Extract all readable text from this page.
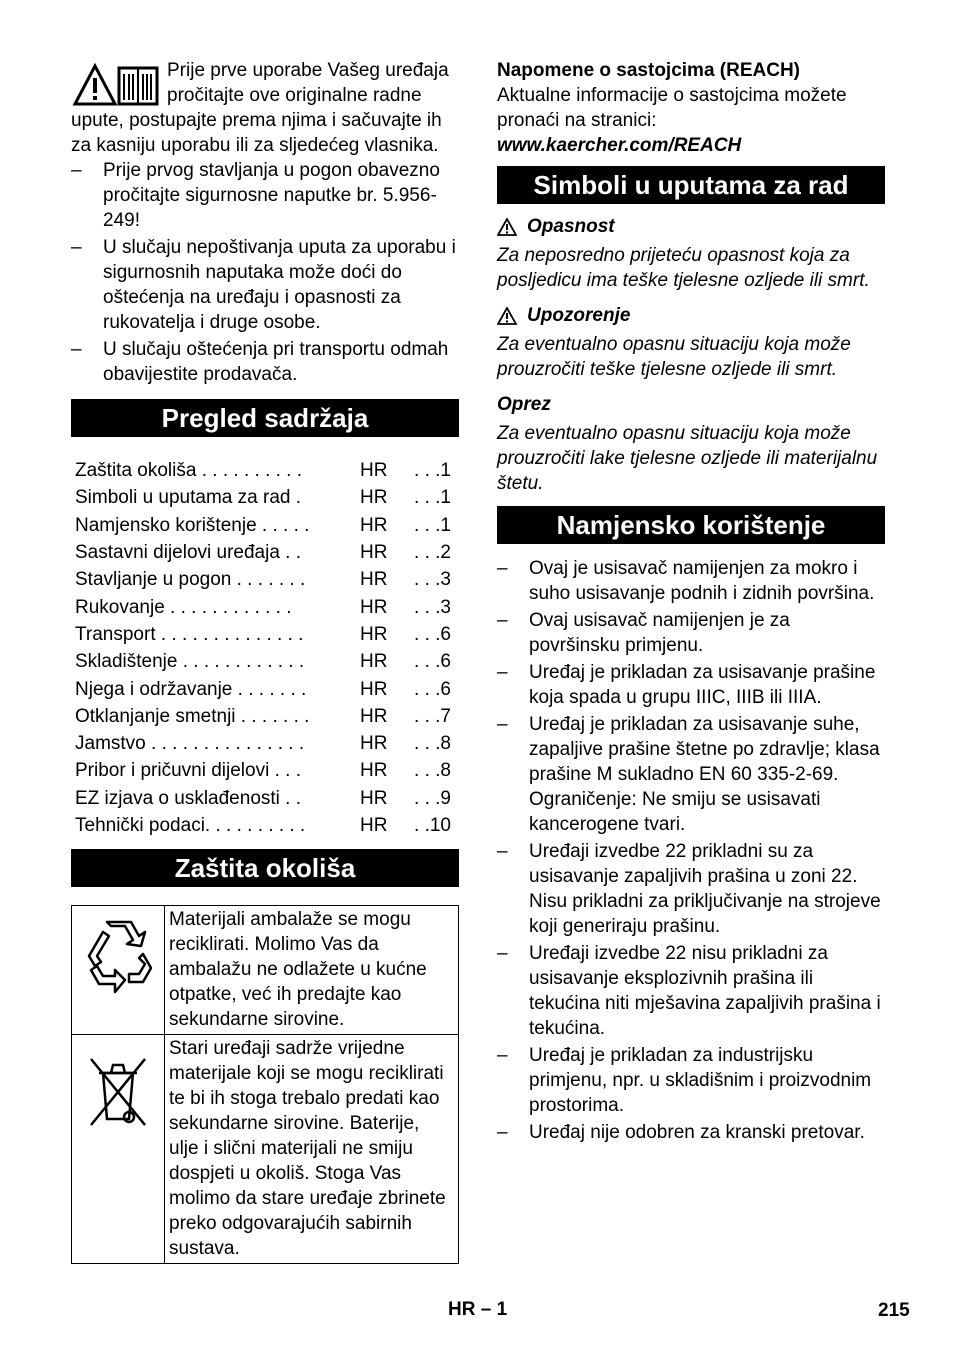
Prije prve uporabe Vašeg uređaja pročitajte ove originalne radne upute, postupajte prema njima i sačuvajte ih za kasniju uporabu ili za sljedećeg vlasnika.

– Prije prvog stavljanja u pogon obavezno pročitajte sigurnosne naputke br. 5.956-249!
– U slučaju nepoštivanja uputa za uporabu i sigurnosnih naputaka može doći do oštećenja na uređaju i opasnosti za rukovatelja i druge osobe.
– U slučaju oštećenja pri transportu odmah obavijestite prodavača.
Pregled sadržaja
Zaštita okoliša . . . . . . . . . .	HR	. . .1
Simboli u uputama za rad .	HR	. . .1
Namjensko korištenje . . . . .	HR	. . .1
Sastavni dijelovi uređaja . .	HR	. . .2
Stavljanje u pogon . . . . . . .	HR	. . .3
Rukovanje . . . . . . . . . . . .	HR	. . .3
Transport . . . . . . . . . . . . . .	HR	. . .6
Skladištenje . . . . . . . . . . . .	HR	. . .6
Njega i održavanje . . . . . . .	HR	. . .6
Otklanjanje smetnji . . . . . . .	HR	. . .7
Jamstvo . . . . . . . . . . . . . . .	HR	. . .8
Pribor i pričuvni dijelovi . . .	HR	. . .8
EZ izjava o usklađenosti . .	HR	. . .9
Tehnički podaci. . . . . . . . . .	HR	. .10
Zaštita okoliša
	Materijali ambalaže se mogu reciklirati. Molimo Vas da ambalažu ne odlažete u kućne otpatke, već ih predajte kao sekundarne sirovine.
	Stari uređaji sadrže vrijedne materijale koji se mogu reciklirati te bi ih stoga trebalo predati kao sekundarne sirovine. Baterije, ulje i slični materijali ne smiju dospjeti u okoliš. Stoga Vas molimo da stare uređaje zbrinete preko odgovarajućih sabirnih sustava.

Napomene o sastojcima (REACH)

Aktualne informacije o sastojcima možete pronaći na stranici:

www.kaercher.com/REACH

Simboli u uputama za rad
Opasnost

Za neposredno prijeteću opasnost koja za posljedicu ima teške tjelesne ozljede ili smrt.

Upozorenje

Za eventualno opasnu situaciju koja može prouzročiti teške tjelesne ozljede ili smrt.

Oprez

Za eventualno opasnu situaciju koja može prouzročiti lake tjelesne ozljede ili materijalnu štetu.

Namjensko korištenje
– Ovaj je usisavač namijenjen za mokro i suho usisavanje podnih i zidnih površina.
– Ovaj usisavač namijenjen je za površinsku primjenu.
– Uređaj je prikladan za usisavanje prašine koja spada u grupu IIIC, IIIB ili IIIA.
– Uređaj je prikladan za usisavanje suhe, zapaljive prašine štetne po zdravlje; klasa prašine M sukladno EN 60 335-2-69. Ograničenje: Ne smiju se usisavati kancerogene tvari.
– Uređaji izvedbe 22 prikladni su za usisavanje zapaljivih prašina u zoni 22. Nisu prikladni za priključivanje na strojeve koji generiraju prašinu.
– Uređaji izvedbe 22 nisu prikladni za usisavanje eksplozivnih prašina ili tekućina niti mješavina zapaljivih prašina i tekućina.
– Uređaj je prikladan za industrijsku primjenu, npr. u skladišnim i proizvodnim prostorima.
– Uređaj nije odobren za kranski pretovar.
HR – 1	215
